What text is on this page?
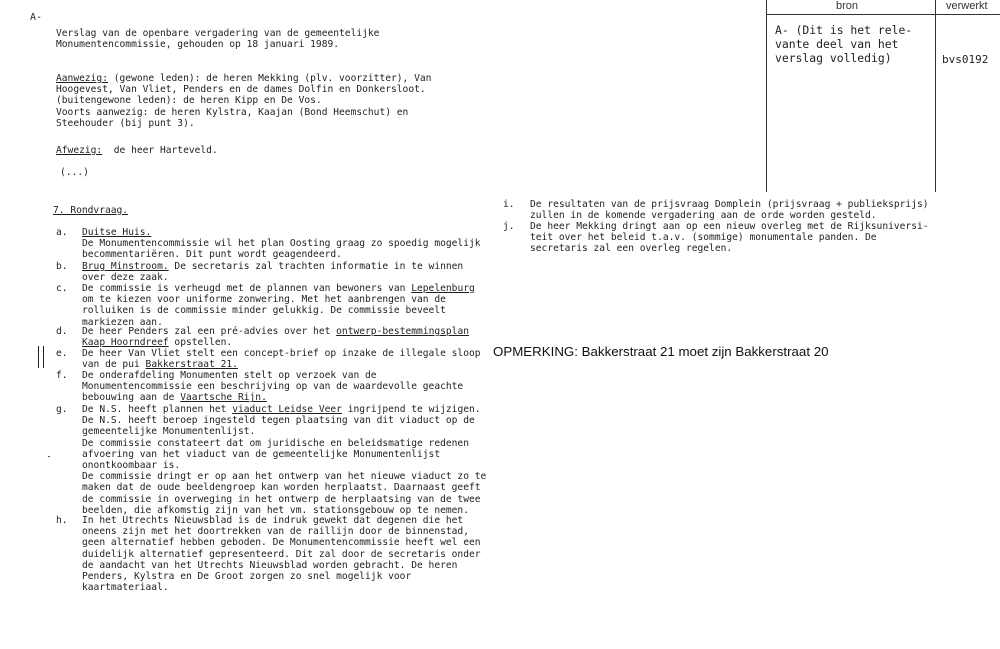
A-
Verslag van de openbare vergadering van de gemeentelijke
Monumentencommissie, gehouden op 18 januari 1989.
Aanwezig: (gewone leden): de heren Mekking (plv. voorzitter), Van
Hoogevest, Van Vliet, Penders en de dames Dolfin en Donkersloot.
(buitengewone leden): de heren Kipp en De Vos.
Voorts aanwezig: de heren Kylstra, Kaajan (Bond Heemschut) en
Steehouder (bij punt 3).
Afwezig:  de heer Harteveld.
(...)
7. Rondvraag.
a. Duitse Huis.
De Monumentencommissie wil het plan Oosting graag zo spoedig mogelijk
becommentariëren. Dit punt wordt geagendeerd.
b. Brug Minstroom. De secretaris zal trachten informatie in te winnen
over deze zaak.
c. De commissie is verheugd met de plannen van bewoners van Lepelenburg
om te kiezen voor uniforme zonwering. Met het aanbrengen van de
rolluiken is de commissie minder gelukkig. De commissie beveelt
markiezen aan.
d. De heer Penders zal een pré-advies over het ontwerp-bestemmingsplan
Kaap Hoorndreef opstellen.
e. De heer Van Vliet stelt een concept-brief op inzake de illegale sloop
van de pui Bakkerstraat 21.
f. De onderafdeling Monumenten stelt op verzoek van de
Monumentencommissie een beschrijving op van de waardevolle geachte
bebouwing aan de Vaartsche Rijn.
g. De N.S. heeft plannen het viaduct Leidse Veer ingrijpend te wijzigen.
De N.S. heeft beroep ingesteld tegen plaatsing van dit viaduct op de
gemeentelijke Monumentenlijst.
De commissie constateert dat om juridische en beleidsmatige redenen
afvoering van het viaduct van de gemeentelijke Monumentenlijst
onontkoombaar is.
De commissie dringt er op aan het ontwerp van het nieuwe viaduct zo te
maken dat de oude beeldengroep kan worden herplaatst. Daarnaast geeft
de commissie in overweging in het ontwerp de herplaatsing van de twee
beelden, die afkomstig zijn van het vm. stationsgebouw op te nemen.
h. In het Utrechts Nieuwsblad is de indruk gewekt dat degenen die het
oneens zijn met het doortrekken van de raillijn door de binnenstad,
geen alternatief hebben geboden. De Monumentencommissie heeft wel een
duidelijk alternatief gepresenteerd. Dit zal door de secretaris onder
de aandacht van het Utrechts Nieuwsblad worden gebracht. De heren
Penders, Kylstra en De Groot zorgen zo snel mogelijk voor
kaartmateriaal.
i. De resultaten van de prijsvraag Domplein (prijsvraag + publieksprijs)
zullen in de komende vergadering aan de orde worden gesteld.
j. De heer Mekking dringt aan op een nieuw overleg met de Rijksuniversi-
teit over het beleid t.a.v. (sommige) monumentale panden. De
secretaris zal een overleg regelen.
OPMERKING: Bakkerstraat 21 moet zijn Bakkerstraat 20
bron	verwerkt
A- (Dit is het rele-
vante deel van het
verslag volledig)	bvs0192
